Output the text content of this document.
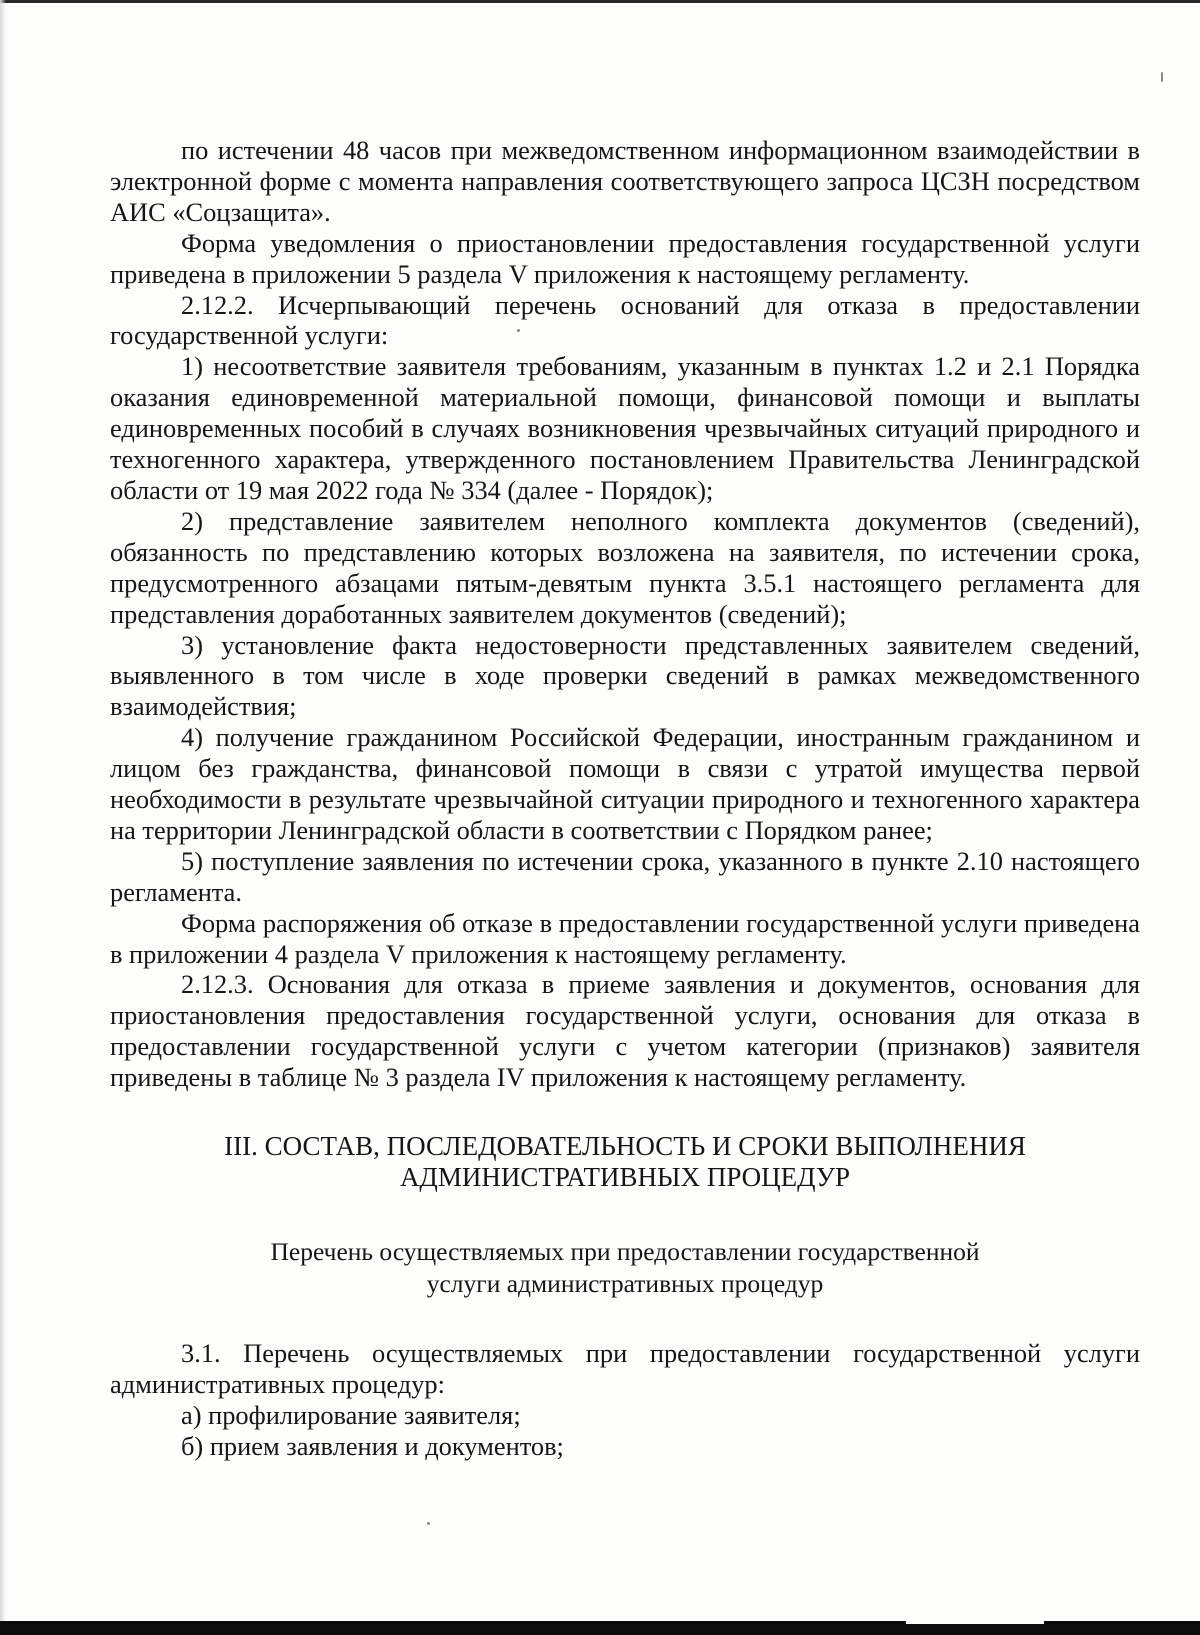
по истечении 48 часов при межведомственном информационном взаимодействии в электронной форме с момента направления соответствующего запроса ЦСЗН посредством АИС «Соцзащита».

Форма уведомления о приостановлении предоставления государственной услуги приведена в приложении 5 раздела V приложения к настоящему регламенту.

2.12.2. Исчерпывающий перечень оснований для отказа в предоставлении государственной услуги:

1) несоответствие заявителя требованиям, указанным в пунктах 1.2 и 2.1 Порядка оказания единовременной материальной помощи, финансовой помощи и выплаты единовременных пособий в случаях возникновения чрезвычайных ситуаций природного и техногенного характера, утвержденного постановлением Правительства Ленинградской области от 19 мая 2022 года № 334 (далее - Порядок);

2) представление заявителем неполного комплекта документов (сведений), обязанность по представлению которых возложена на заявителя, по истечении срока, предусмотренного абзацами пятым-девятым пункта 3.5.1 настоящего регламента для представления доработанных заявителем документов (сведений);

3) установление факта недостоверности представленных заявителем сведений, выявленного в том числе в ходе проверки сведений в рамках межведомственного взаимодействия;

4) получение гражданином Российской Федерации, иностранным гражданином и лицом без гражданства, финансовой помощи в связи с утратой имущества первой необходимости в результате чрезвычайной ситуации природного и техногенного характера на территории Ленинградской области в соответствии с Порядком ранее;

5) поступление заявления по истечении срока, указанного в пункте 2.10 настоящего регламента.

Форма распоряжения об отказе в предоставлении государственной услуги приведена в приложении 4 раздела V приложения к настоящему регламенту.

2.12.3. Основания для отказа в приеме заявления и документов, основания для приостановления предоставления государственной услуги, основания для отказа в предоставлении государственной услуги с учетом категории (признаков) заявителя приведены в таблице № 3 раздела IV приложения к настоящему регламенту.

III. СОСТАВ, ПОСЛЕДОВАТЕЛЬНОСТЬ И СРОКИ ВЫПОЛНЕНИЯ
АДМИНИСТРАТИВНЫХ ПРОЦЕДУР

Перечень осуществляемых при предоставлении государственной
услуги административных процедур

3.1. Перечень осуществляемых при предоставлении государственной услуги административных процедур:

а) профилирование заявителя;

б) прием заявления и документов;
